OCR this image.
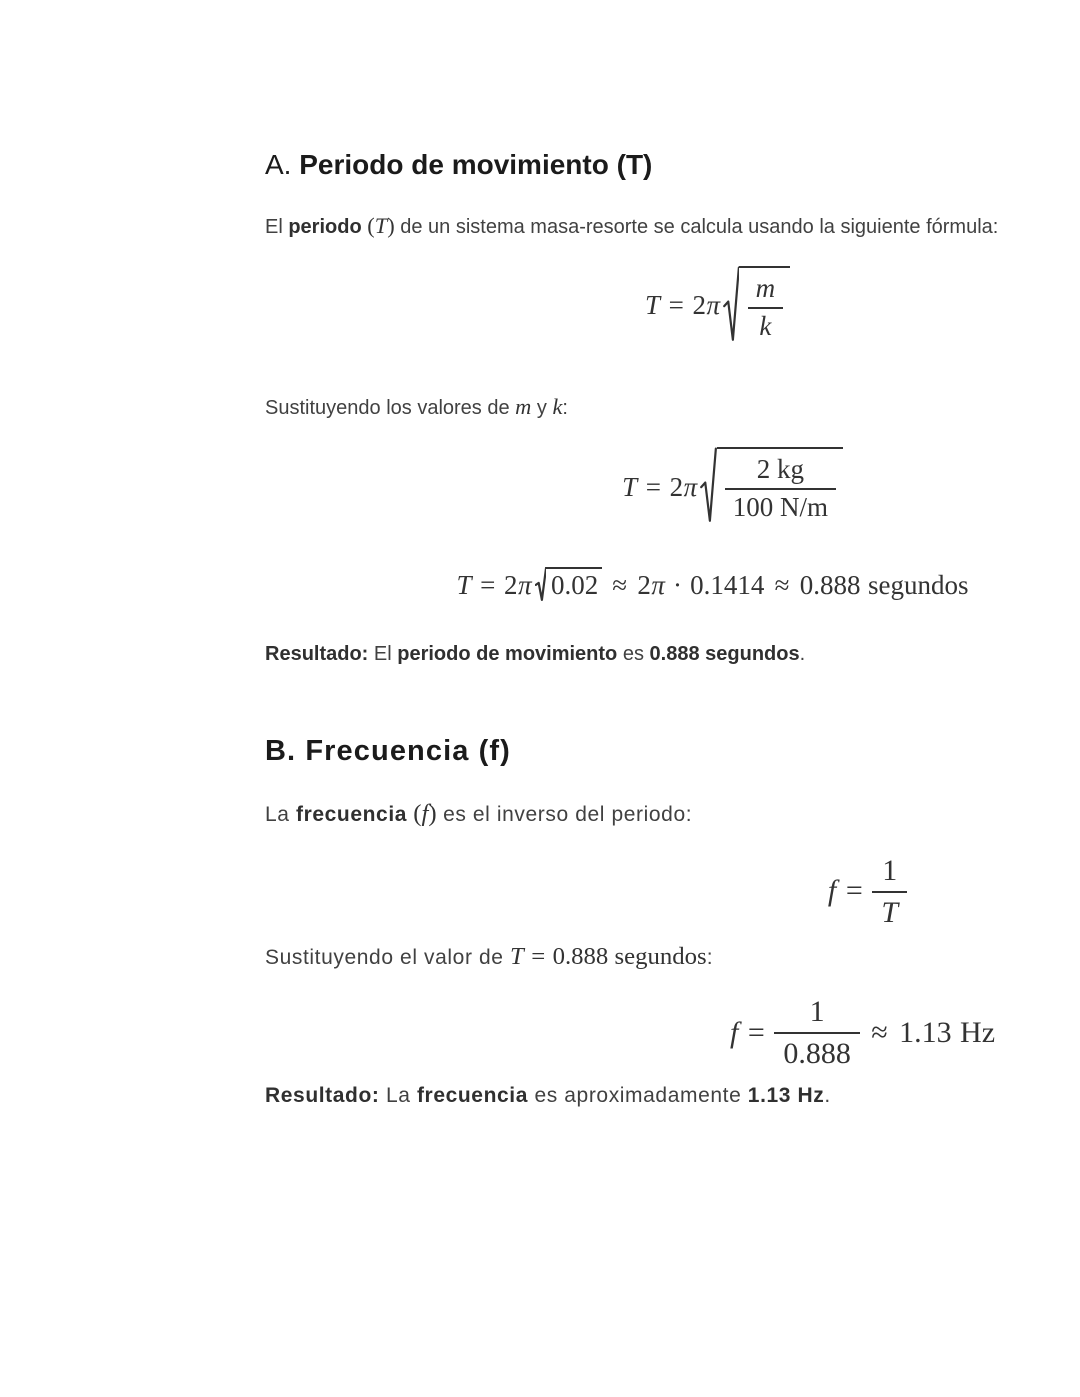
A. Periodo de movimiento (T)

El periodo (T) de un sistema masa-resorte se calcula usando la siguiente fórmula:

T = 2 π $\frac{m}{k}$

Sustituyendo los valores de m y k:

T = 2 π $\frac{2 kg}{100 N/m}$
T = 2 π 0.02 ≈ 2 π · 0.1414 ≈ 0.888 segundos

Resultado: El periodo de movimiento es 0.888 segundos.

B. Frecuencia (f)

La frecuencia (f) es el inverso del periodo:

$f = \frac{1}{T}$

Sustituyendo el valor de T = 0.888 segundos:

$f = \frac{1}{0.888} \approx 1.13$ Hz

Resultado: La frecuencia es aproximadamente 1.13 Hz.
